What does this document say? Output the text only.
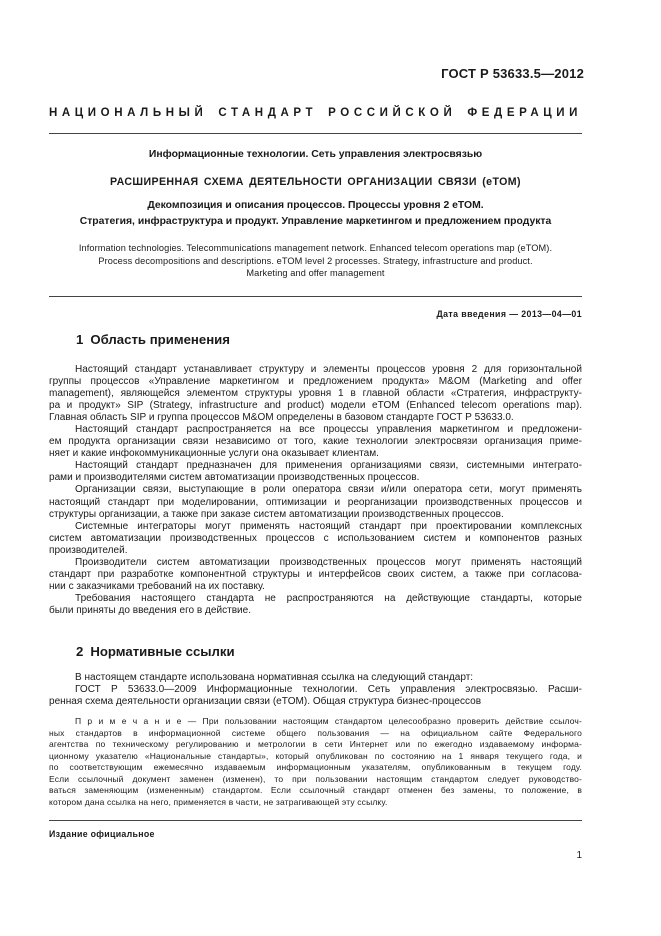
ГОСТ Р 53633.5—2012
НАЦИОНАЛЬНЫЙ СТАНДАРТ РОССИЙСКОЙ ФЕДЕРАЦИИ
Информационные технологии. Сеть управления электросвязью
РАСШИРЕННАЯ СХЕМА ДЕЯТЕЛЬНОСТИ ОРГАНИЗАЦИИ СВЯЗИ (eTOM)
Декомпозиция и описания процессов. Процессы уровня 2 eTOM.
Стратегия, инфраструктура и продукт. Управление маркетингом и предложением продукта
Information technologies. Telecommunications management network. Enhanced telecom operations map (eTOM).
Process decompositions and descriptions. eTOM level 2 processes. Strategy, infrastructure and product.
Marketing and offer management
Дата введения — 2013—04—01
1 Область применения
Настоящий стандарт устанавливает структуру и элементы процессов уровня 2 для горизонтальной
группы процессов «Управление маркетингом и предложением продукта» M&OM (Marketing and offer
management), являющейся элементом структуры уровня 1 в главной области «Стратегия, инфраструкту-
ра и продукт» SIP (Strategy, infrastructure and product) модели eTOM (Enhanced telecom operations map).
Главная область SIP и группа процессов M&OM определены в базовом стандарте ГОСТ Р 53633.0.
Настоящий стандарт распространяется на все процессы управления маркетингом и предложени-
ем продукта организации связи независимо от того, какие технологии электросвязи организация приме-
няет и какие инфокоммуникационные услуги она оказывает клиентам.
Настоящий стандарт предназначен для применения организациями связи, системными интеграто-
рами и производителями систем автоматизации производственных процессов.
Организации связи, выступающие в роли оператора связи и/или оператора сети, могут применять
настоящий стандарт при моделировании, оптимизации и реорганизации производственных процессов и
структуры организации, а также при заказе систем автоматизации производственных процессов.
Системные интеграторы могут применять настоящий стандарт при проектировании комплексных
систем автоматизации производственных процессов с использованием систем и компонентов разных
производителей.
Производители систем автоматизации производственных процессов могут применять настоящий
стандарт при разработке компонентной структуры и интерфейсов своих систем, а также при согласова-
нии с заказчиками требований на их поставку.
Требования настоящего стандарта не распространяются на действующие стандарты, которые
были приняты до введения его в действие.
2 Нормативные ссылки
В настоящем стандарте использована нормативная ссылка на следующий стандарт:
ГОСТ Р 53633.0—2009 Информационные технологии. Сеть управления электросвязью. Расши-
ренная схема деятельности организации связи (eTOM). Общая структура бизнес-процессов
П р и м е ч а н и е — При пользовании настоящим стандартом целесообразно проверить действие ссылоч-
ных стандартов в информационной системе общего пользования — на официальном сайте Федерального
агентства по техническому регулированию и метрологии в сети Интернет или по ежегодно издаваемому информа-
ционному указателю «Национальные стандарты», который опубликован по состоянию на 1 января текущего года, и
по соответствующим ежемесячно издаваемым информационным указателям, опубликованным в текущем году.
Если ссылочный документ заменен (изменен), то при пользовании настоящим стандартом следует руководство-
ваться заменяющим (измененным) стандартом. Если ссылочный стандарт отменен без замены, то положение, в
котором дана ссылка на него, применяется в части, не затрагивающей эту ссылку.
Издание официальное
1
